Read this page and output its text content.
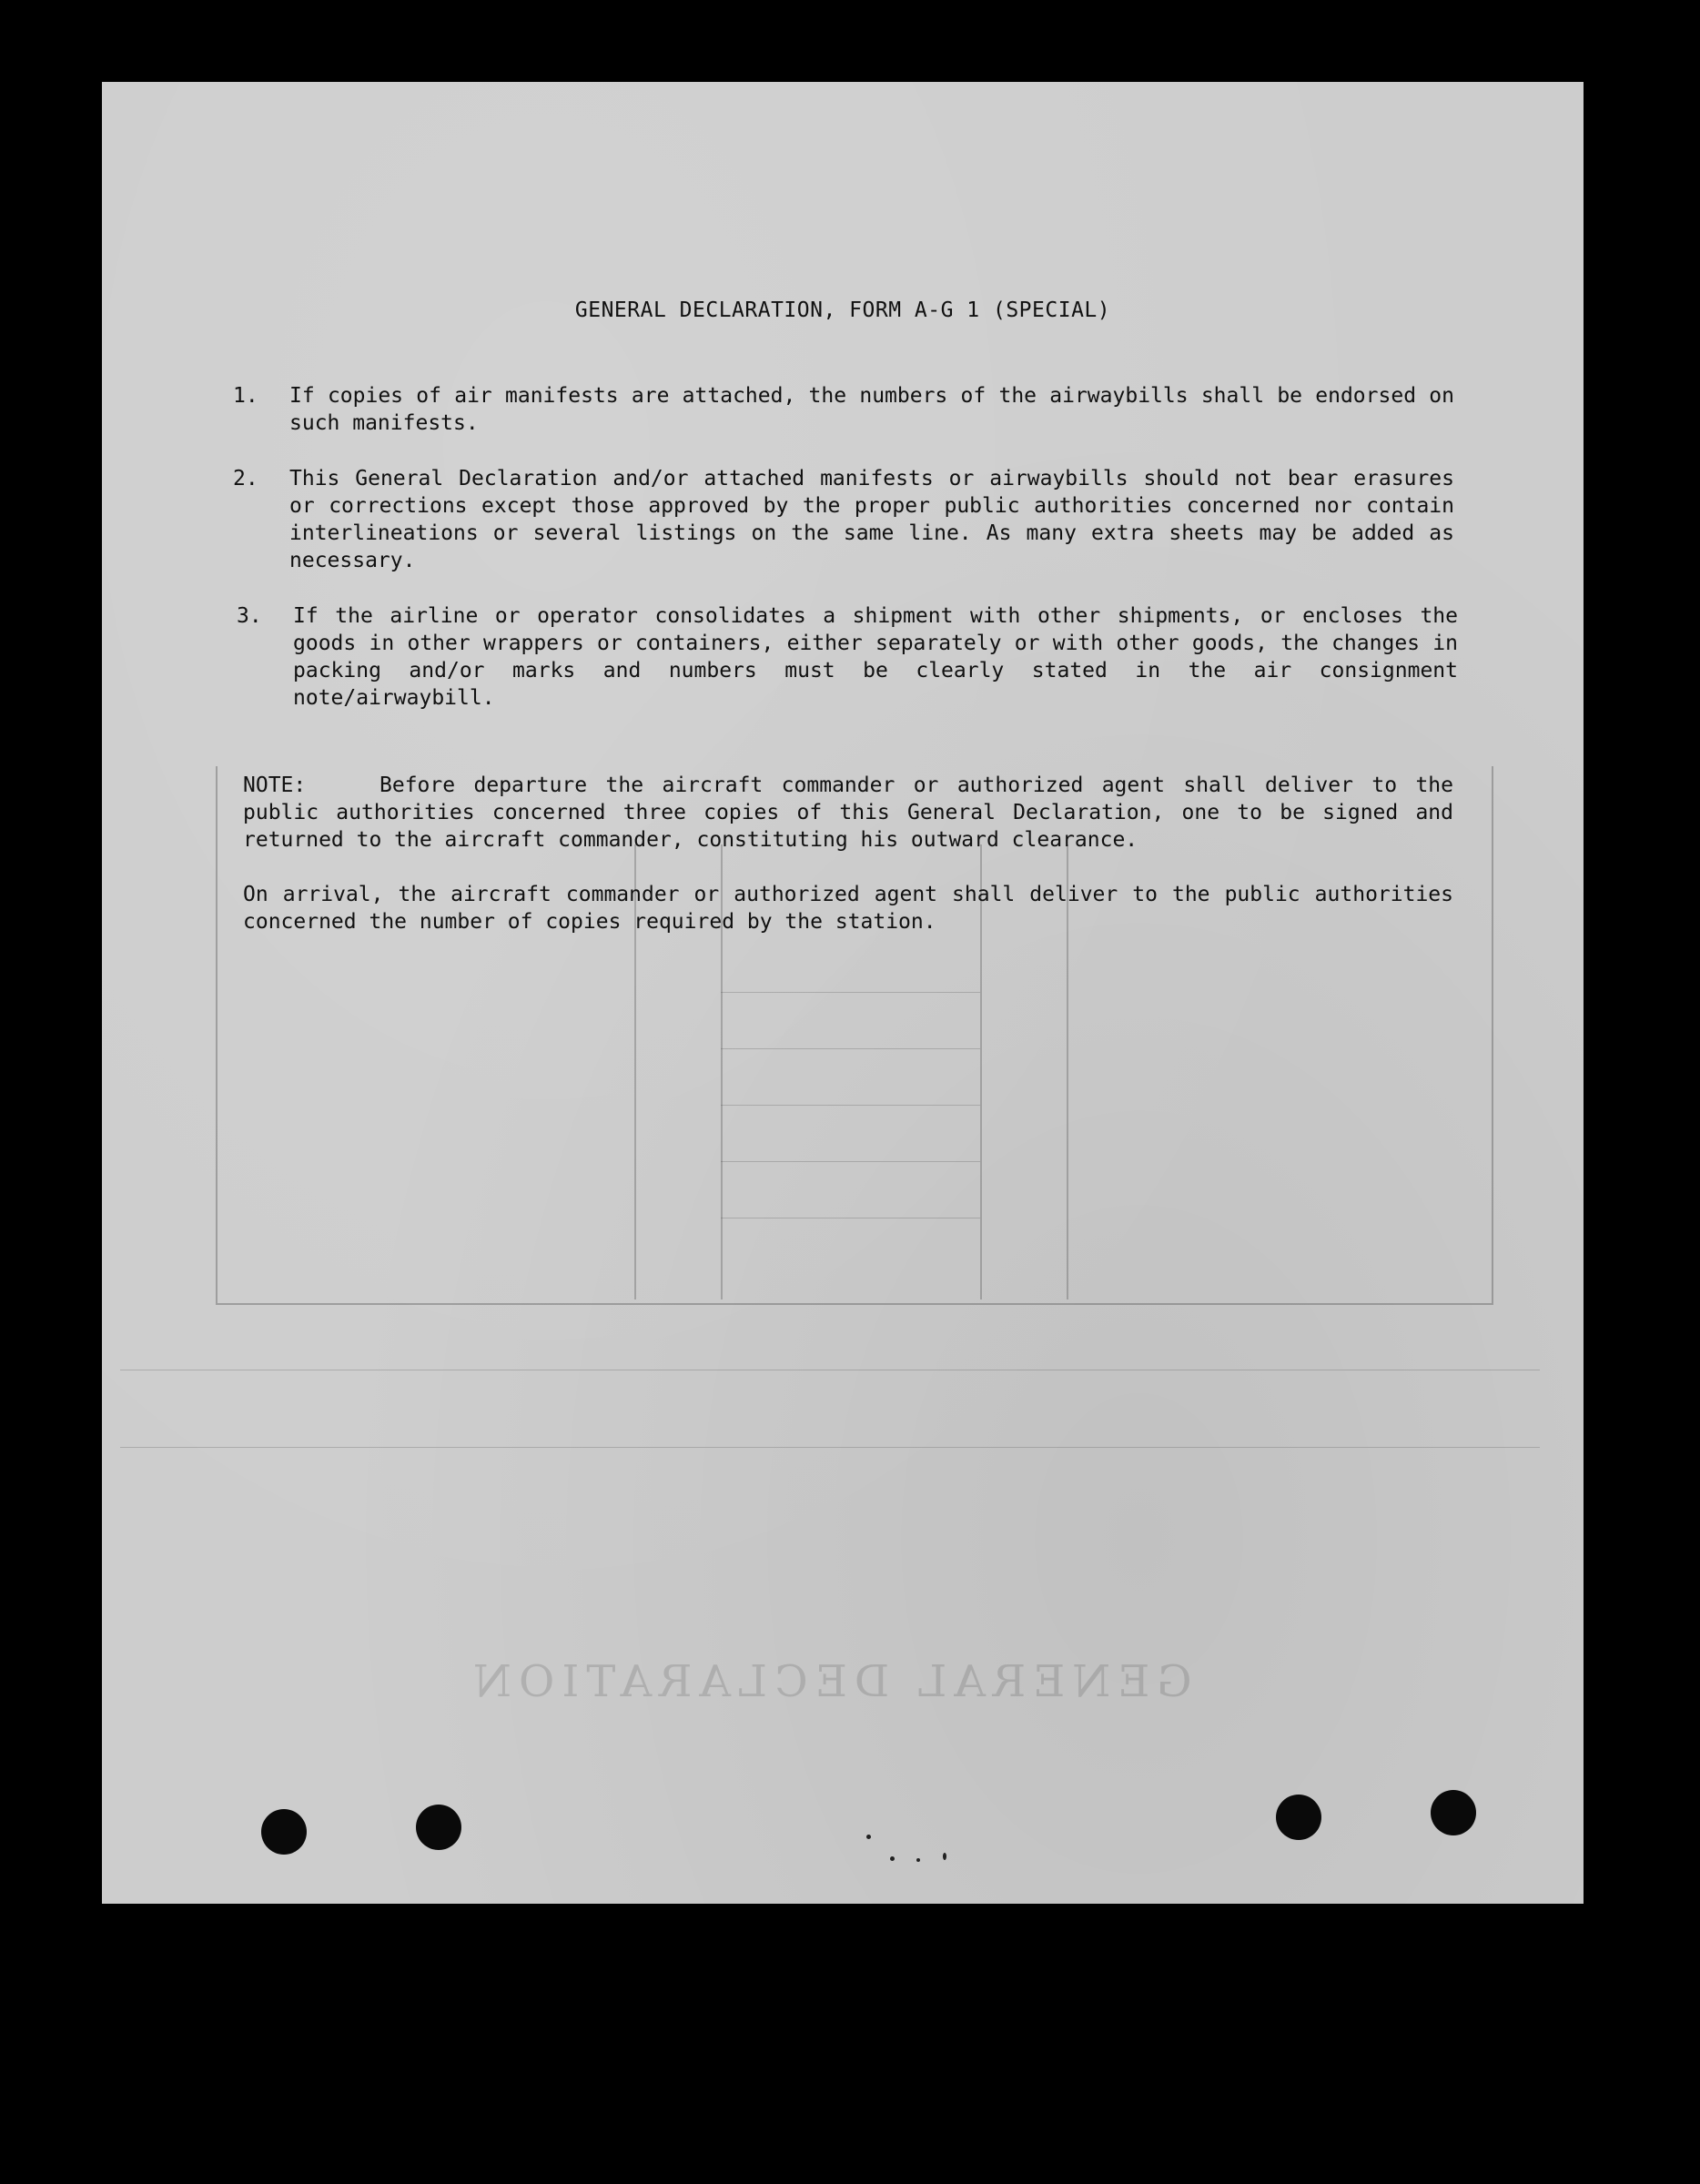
GENERAL DECLARATION
GENERAL DECLARATION, FORM A-G 1 (SPECIAL)
1.	If copies of air manifests are attached, the numbers of the airwaybills shall be endorsed on such manifests.
2.	This General Declaration and/or attached manifests or airwaybills should not bear erasures or corrections except those approved by the proper public authorities concerned nor contain interlineations or several listings on the same line. As many extra sheets may be added as necessary.
3.	If the airline or operator consolidates a shipment with other shipments, or encloses the goods in other wrappers or containers, either separately or with other goods, the changes in packing and/or marks and numbers must be clearly stated in the air consignment note/airwaybill.

NOTE:	Before departure the aircraft commander or authorized agent shall deliver to the public authorities concerned three copies of this General Declaration, one to be signed and returned to the aircraft commander, constituting his outward clearance.

On arrival, the aircraft commander or authorized agent shall deliver to the public authorities concerned the number of copies required by the station.
